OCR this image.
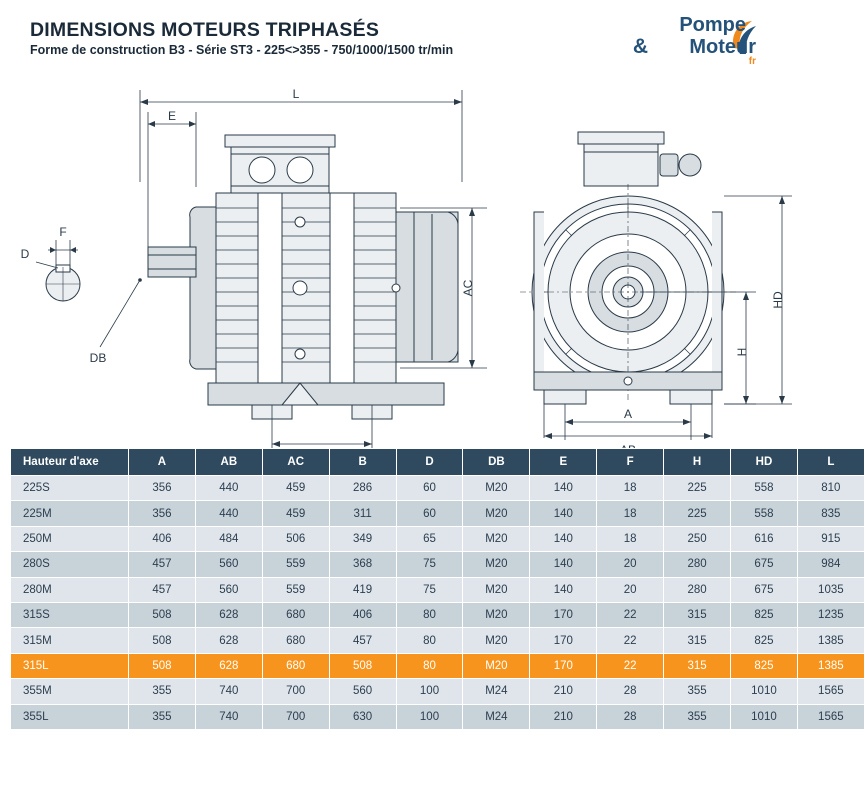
DIMENSIONS MOTEURS TRIPHASÉS
Forme de construction B3 - Série ST3 - 225<>355 - 750/1000/1500 tr/min
Pompe
& Moteur
fr
L
E
F
D
DB
AC
HD
H
A
Hauteur d'axe	A	AB	AC	B	D	DB	E	F	H	HD	L
225S	356	440	459	286	60	M20	140	18	225	558	810
225M	356	440	459	311	60	M20	140	18	225	558	835
250M	406	484	506	349	65	M20	140	18	250	616	915
280S	457	560	559	368	75	M20	140	20	280	675	984
280M	457	560	559	419	75	M20	140	20	280	675	1035
315S	508	628	680	406	80	M20	170	22	315	825	1235
315M	508	628	680	457	80	M20	170	22	315	825	1385
315L	508	628	680	508	80	M20	170	22	315	825	1385
355M	355	740	700	560	100	M24	210	28	355	1010	1565
355L	355	740	700	630	100	M24	210	28	355	1010	1565
